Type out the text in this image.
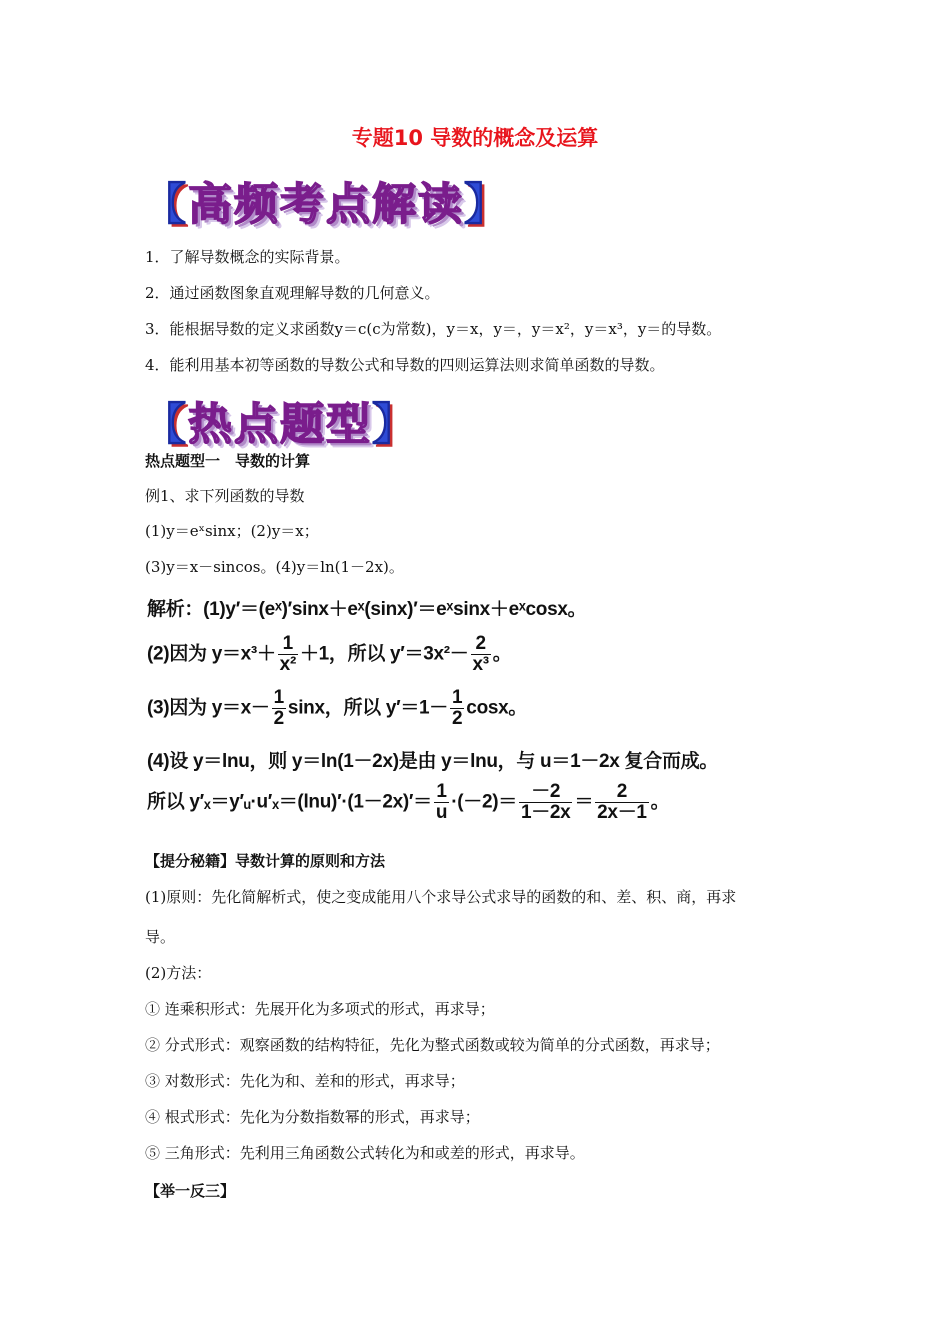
专题10 导数的概念及运算
【高频考点解读】
1．了解导数概念的实际背景。
2．通过函数图象直观理解导数的几何意义。
3．能根据导数的定义求函数y＝c(c为常数)，y＝x，y＝，y＝x²，y＝x³，y＝的导数。
4．能利用基本初等函数的导数公式和导数的四则运算法则求简单函数的导数。
【热点题型】
热点题型一　导数的计算
例1、求下列函数的导数
(1)y＝eˣsinx；(2)y＝x；
(3)y＝x－sincos。(4)y＝ln(1－2x)。
解析：(1)y′＝(eˣ)′sinx＋eˣ(sinx)′＝eˣsinx＋eˣcosx。
(2)因为 $y=x^3+ \frac{1}{\text{x²}} +1$，所以 $y'=3x^2- \frac{2}{\text{x³}}$ 。
(3)因为 $y=x- \frac{1}{2}$ sinx，所以 $y'=1- \frac{1}{2}$ cosx。
(4)设 y＝lnu，则 y＝ln(1－2x)是由 y＝lnu，与 u＝1－2x 复合而成。
所以 y′ₓ＝y′ᵤ·u′ₓ＝(lnu)′·(1－2x)′＝ $\frac{1}{u} \cdot(-2)= \frac{-2}{1-2x} = \frac{2}{2x-1}$ 。
【提分秘籍】导数计算的原则和方法
(1)原则：先化简解析式，使之变成能用八个求导公式求导的函数的和、差、积、商，再求
导。
(2)方法：
① 连乘积形式：先展开化为多项式的形式，再求导；
② 分式形式：观察函数的结构特征，先化为整式函数或较为简单的分式函数，再求导；
③ 对数形式：先化为和、差和的形式，再求导；
④ 根式形式：先化为分数指数幂的形式，再求导；
⑤ 三角形式：先利用三角函数公式转化为和或差的形式，再求导。
【举一反三】
